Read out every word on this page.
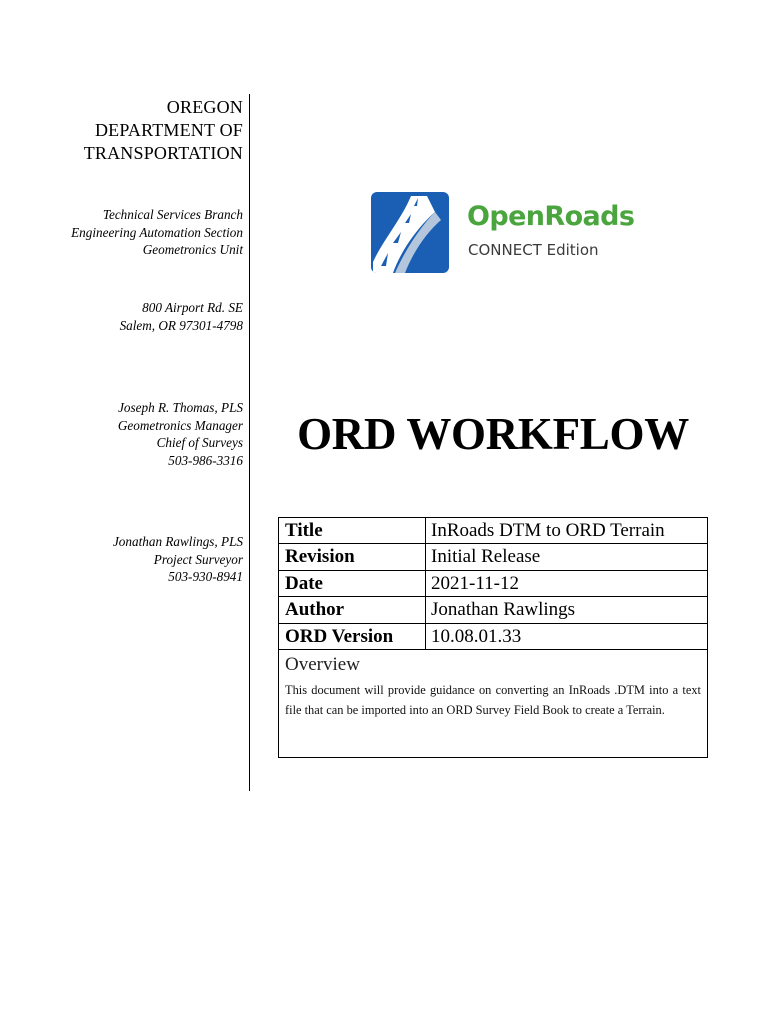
OREGON
DEPARTMENT OF
TRANSPORTATION
Technical Services Branch
Engineering Automation Section
Geometronics Unit
800 Airport Rd. SE
Salem, OR 97301-4798
Joseph R. Thomas, PLS
Geometronics Manager
Chief of Surveys
503-986-3316
Jonathan Rawlings, PLS
Project Surveyor
503-930-8941
OpenRoads
CONNECT Edition
ORD WORKFLOW
Title	InRoads DTM to ORD Terrain
Revision	Initial Release
Date	2021-11-12
Author	Jonathan Rawlings
ORD Version	10.08.01.33
Overview
This document will provide guidance on converting an InRoads .DTM into a text file that can be imported into an ORD Survey Field Book to create a Terrain.
